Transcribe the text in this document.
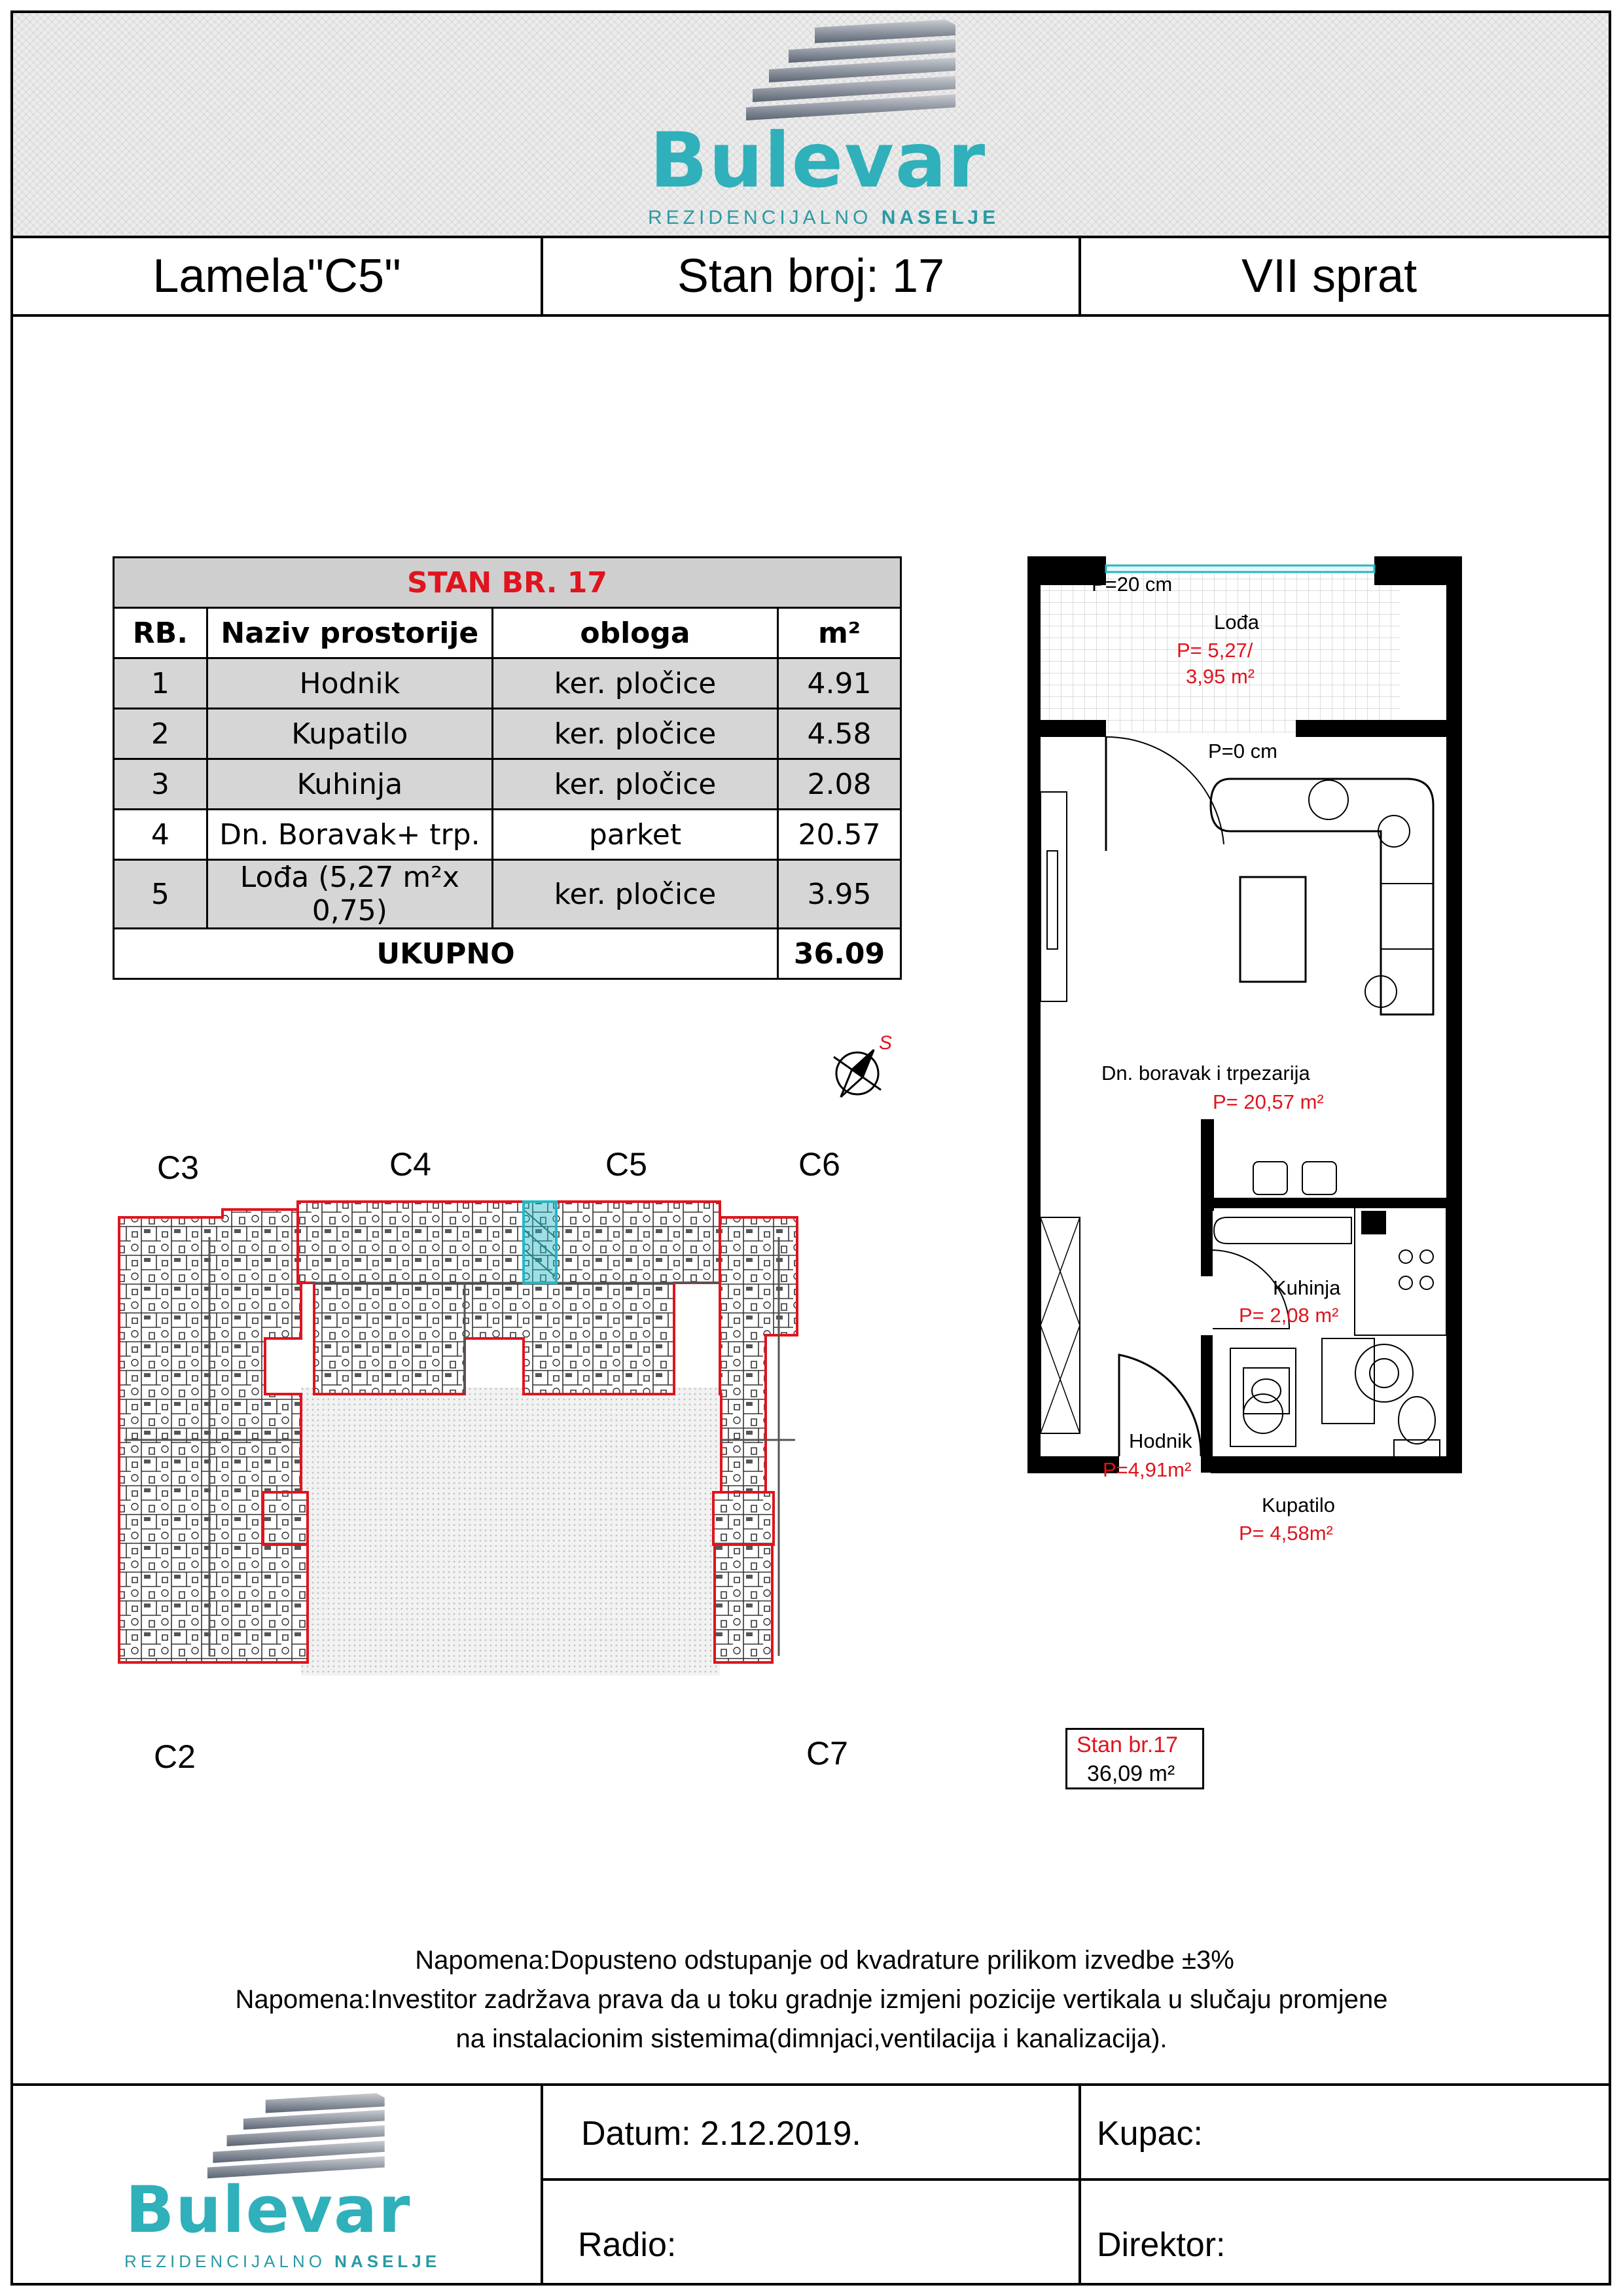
Bulevar
REZIDENCIJALNO NASELJE
Lamela"C5"	Stan broj: 17	VII sprat
STAN BR. 17			
RB.	Naziv prostorije	obloga	m²
1	Hodnik	ker. pločice	4.91
2	Kupatilo	ker. pločice	4.58
3	Kuhinja	ker. pločice	2.08
4	Dn. Boravak+ trp.	parket	20.57
5	Lođa (5,27 m²x 0,75)	ker. pločice	3.95
UKUPNO			36.09
S
C3	C4	C5	C6
C2	C7
P=20 cm
Lođa
P= 5,27/
3,95 m²
P=0 cm
Dn. boravak i trpezarija
P= 20,57 m²
Kuhinja
P= 2,08 m²
Hodnik
P=4,91m²
Kupatilo
P= 4,58m²
Stan br.17
36,09 m²
Napomena:Dopusteno odstupanje od kvadrature prilikom izvedbe ±3%
Napomena:Investitor zadržava prava da u toku gradnje izmjeni pozicije vertikala u slučaju promjene
na instalacionim sistemima(dimnjaci,ventilacija i kanalizacija).
Bulevar
REZIDENCIJALNO NASELJE
Datum: 2.12.2019.	Kupac:
Radio:	Direktor:
